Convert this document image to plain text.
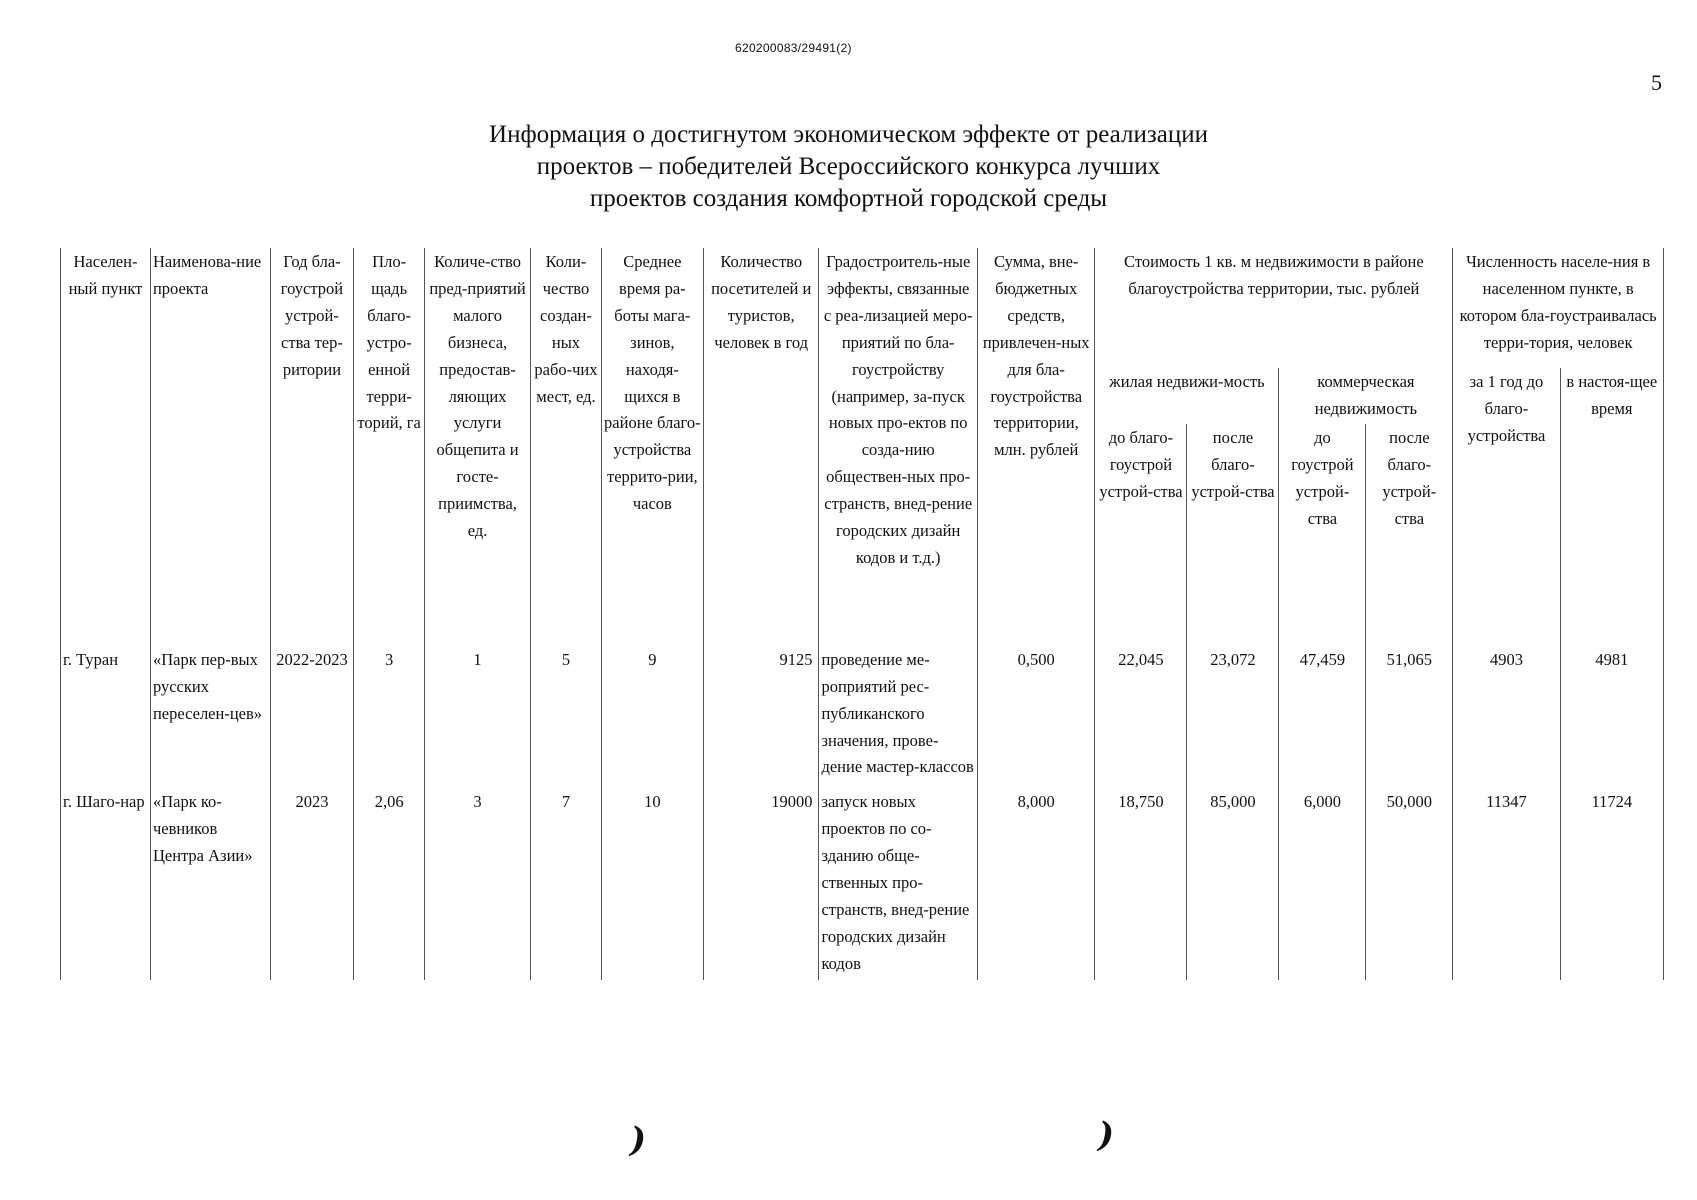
620200083/29491(2)
5
Информация о достигнутом экономическом эффекте от реализации
проектов – победителей Всероссийского конкурса лучших
проектов создания комфортной городской среды
Населен-ный пункт	Наименова-ние проекта	Год бла-гоустрой устрой-ства тер-ритории	Пло-щадь благо-устро-енной терри-торий, га	Количе-ство пред-приятий малого бизнеса, предостав-ляющих услуги общепита и госте-приимства, ед.	Коли-чество создан-ных рабо-чих мест, ед.	Среднее время ра-боты мага-зинов, находя-щихся в районе благо-устройства террито-рии, часов	Количество посетителей и туристов, человек в год	Градостроитель-ные эффекты, связанные с реа-лизацией меро-приятий по бла-гоустройству (например, за-пуск новых про-ектов по созда-нию обществен-ных про-странств, внед-рение городских дизайн кодов и т.д.)	Сумма, вне-бюджетных средств, привлечен-ных для бла-гоустройства территории, млн. рублей	Стоимость 1 кв. м недвижимости в районе благоустройства территории, тыс. рублей				Численность населе-ния в населенном пункте, в котором бла-гоустраивалась терри-тория, человек	
										жилая недвижи-мость		коммерческая недвижимость		за 1 год до благо-устройства	в настоя-щее время
										до благо-гоустрой устрой-ства	после благо-устрой-ства	до гоустрой устрой-ства	после благо-устрой-ства		
г. Туран	«Парк пер-вых русских переселен-цев»	2022-2023	3	1	5	9	9125	проведение ме-роприятий рес-публиканского значения, прове-дение мастер-классов	0,500	22,045	23,072	47,459	51,065	4903	4981

г. Шаго-нар	«Парк ко-чевников Центра Азии»	2023	2,06	3	7	10	19000	запуск новых проектов по со-зданию обще-ственных про-странств, внед-рение городских дизайн кодов	8,000	18,750	85,000	6,000	50,000	11347	11724
)	)
